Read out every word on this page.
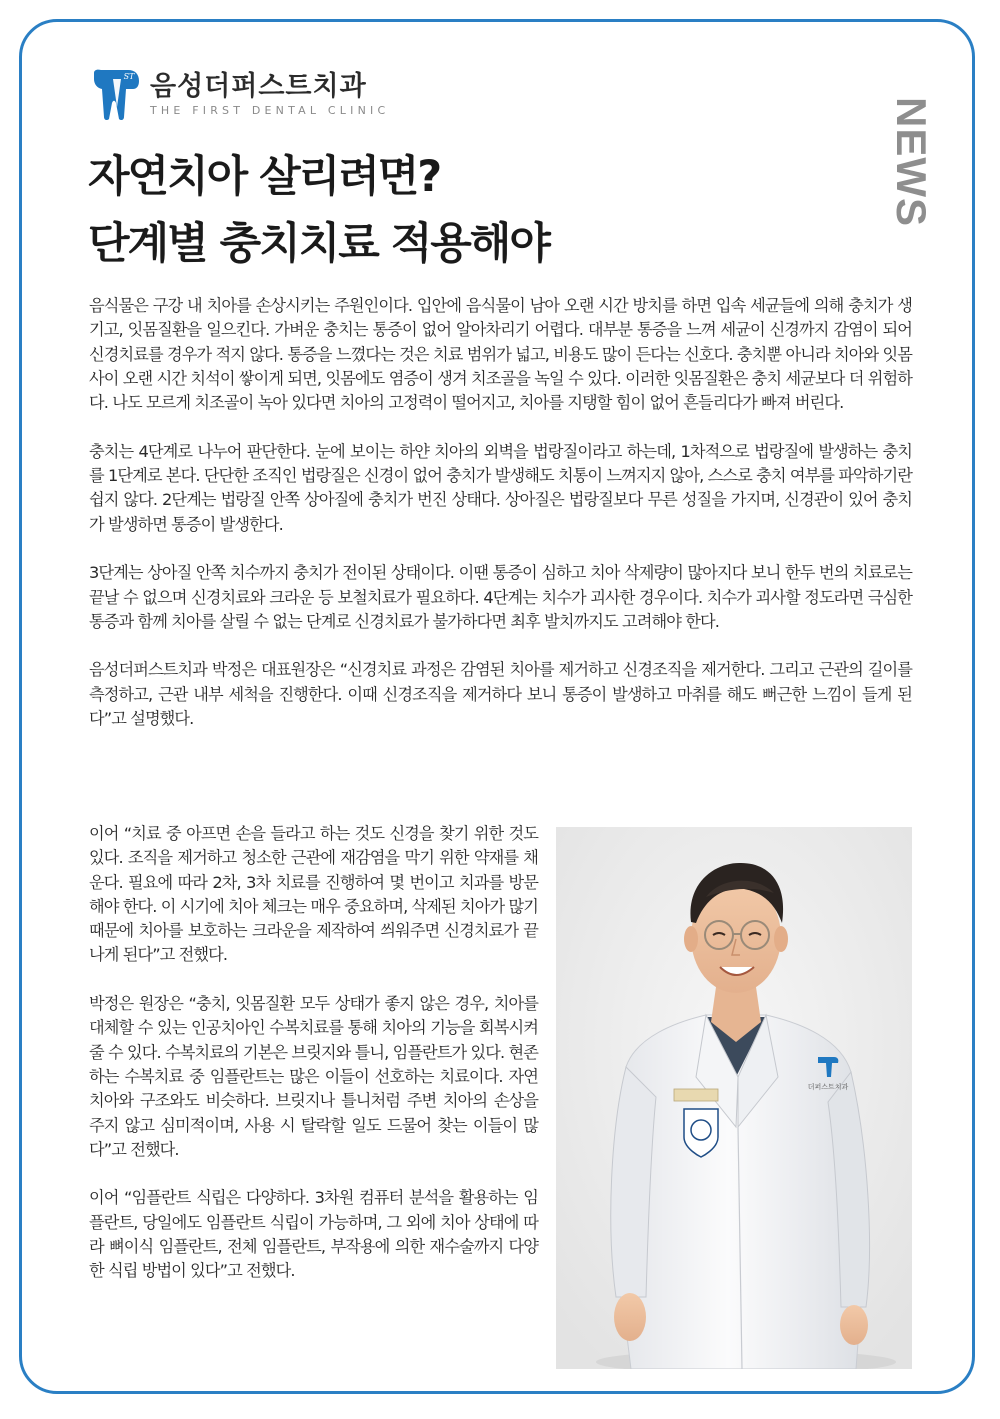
ST 음성더퍼스트치과
THE FIRST DENTAL CLINIC	NEWS
자연치아 살리려면?
단계별 충치치료 적용해야

음식물은 구강 내 치아를 손상시키는 주원인이다. 입안에 음식물이 남아 오랜 시간 방치를 하면 입속 세균들에 의해 충치가 생기고, 잇몸질환을 일으킨다. 가벼운 충치는 통증이 없어 알아차리기 어렵다. 대부분 통증을 느껴 세균이 신경까지 감염이 되어 신경치료를 경우가 적지 않다. 통증을 느꼈다는 것은 치료 범위가 넓고, 비용도 많이 든다는 신호다. 충치뿐 아니라 치아와 잇몸 사이 오랜 시간 치석이 쌓이게 되면, 잇몸에도 염증이 생겨 치조골을 녹일 수 있다. 이러한 잇몸질환은 충치 세균보다 더 위험하다. 나도 모르게 치조골이 녹아 있다면 치아의 고정력이 떨어지고, 치아를 지탱할 힘이 없어 흔들리다가 빠져 버린다.

충치는 4단계로 나누어 판단한다. 눈에 보이는 하얀 치아의 외벽을 법랑질이라고 하는데, 1차적으로 법랑질에 발생하는 충치를 1단계로 본다. 단단한 조직인 법랑질은 신경이 없어 충치가 발생해도 치통이 느껴지지 않아, 스스로 충치 여부를 파악하기란 쉽지 않다. 2단계는 법랑질 안쪽 상아질에 충치가 번진 상태다. 상아질은 법랑질보다 무른 성질을 가지며, 신경관이 있어 충치가 발생하면 통증이 발생한다.

3단계는 상아질 안쪽 치수까지 충치가 전이된 상태이다. 이땐 통증이 심하고 치아 삭제량이 많아지다 보니 한두 번의 치료로는 끝날 수 없으며 신경치료와 크라운 등 보철치료가 필요하다. 4단계는 치수가 괴사한 경우이다. 치수가 괴사할 정도라면 극심한 통증과 함께 치아를 살릴 수 없는 단계로 신경치료가 불가하다면 최후 발치까지도 고려해야 한다.

음성더퍼스트치과 박정은 대표원장은 “신경치료 과정은 감염된 치아를 제거하고 신경조직을 제거한다. 그리고 근관의 길이를 측정하고, 근관 내부 세척을 진행한다. 이때 신경조직을 제거하다 보니 통증이 발생하고 마취를 해도 뻐근한 느낌이 들게 된다”고 설명했다.

이어 “치료 중 아프면 손을 들라고 하는 것도 신경을 찾기 위한 것도 있다. 조직을 제거하고 청소한 근관에 재감염을 막기 위한 약재를 채운다. 필요에 따라 2차, 3차 치료를 진행하여 몇 번이고 치과를 방문해야 한다. 이 시기에 치아 체크는 매우 중요하며, 삭제된 치아가 많기 때문에 치아를 보호하는 크라운을 제작하여 씌워주면 신경치료가 끝나게 된다”고 전했다.

박정은 원장은 “충치, 잇몸질환 모두 상태가 좋지 않은 경우, 치아를 대체할 수 있는 인공치아인 수복치료를 통해 치아의 기능을 회복시켜줄 수 있다. 수복치료의 기본은 브릿지와 틀니, 임플란트가 있다. 현존하는 수복치료 중 임플란트는 많은 이들이 선호하는 치료이다. 자연치아와 구조와도 비슷하다. 브릿지나 틀니처럼 주변 치아의 손상을 주지 않고 심미적이며, 사용 시 탈락할 일도 드물어 찾는 이들이 많다”고 전했다.

이어 “임플란트 식립은 다양하다. 3차원 컴퓨터 분석을 활용하는 임플란트, 당일에도 임플란트 식립이 가능하며, 그 외에 치아 상태에 따라 뼈이식 임플란트, 전체 임플란트, 부작용에 의한 재수술까지 다양한 식립 방법이 있다”고 전했다.

더퍼스트치과
